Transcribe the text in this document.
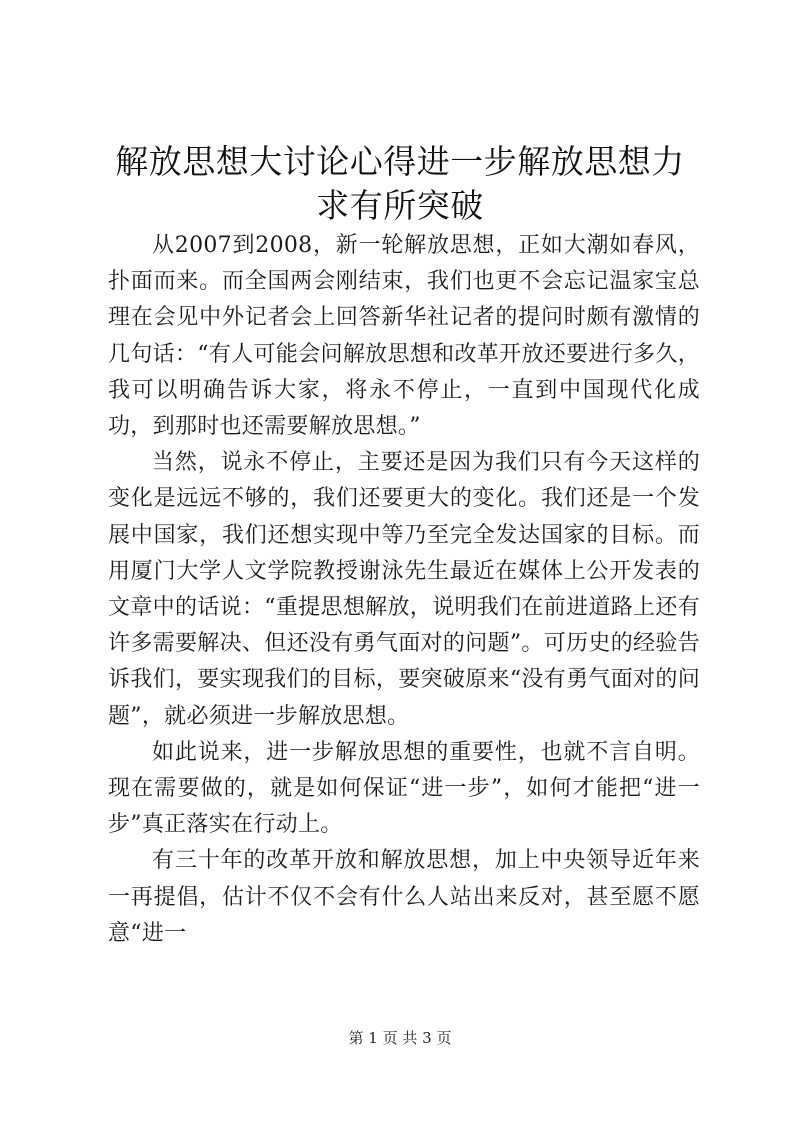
解放思想大讨论心得进一步解放思想力求有所突破

从2007到2008，新一轮解放思想，正如大潮如春风，扑面而来。而全国两会刚结束，我们也更不会忘记温家宝总理在会见中外记者会上回答新华社记者的提问时颇有激情的几句话：“有人可能会问解放思想和改革开放还要进行多久，我可以明确告诉大家，将永不停止，一直到中国现代化成功，到那时也还需要解放思想。”

当然，说永不停止，主要还是因为我们只有今天这样的变化是远远不够的，我们还要更大的变化。我们还是一个发展中国家，我们还想实现中等乃至完全发达国家的目标。而用厦门大学人文学院教授谢泳先生最近在媒体上公开发表的文章中的话说：“重提思想解放，说明我们在前进道路上还有许多需要解决、但还没有勇气面对的问题”。可历史的经验告诉我们，要实现我们的目标，要突破原来“没有勇气面对的问题”，就必须进一步解放思想。

如此说来，进一步解放思想的重要性，也就不言自明。现在需要做的，就是如何保证“进一步”，如何才能把“进一步”真正落实在行动上。

有三十年的改革开放和解放思想，加上中央领导近年来一再提倡，估计不仅不会有什么人站出来反对，甚至愿不愿意“进一

第 1 页 共 3 页
